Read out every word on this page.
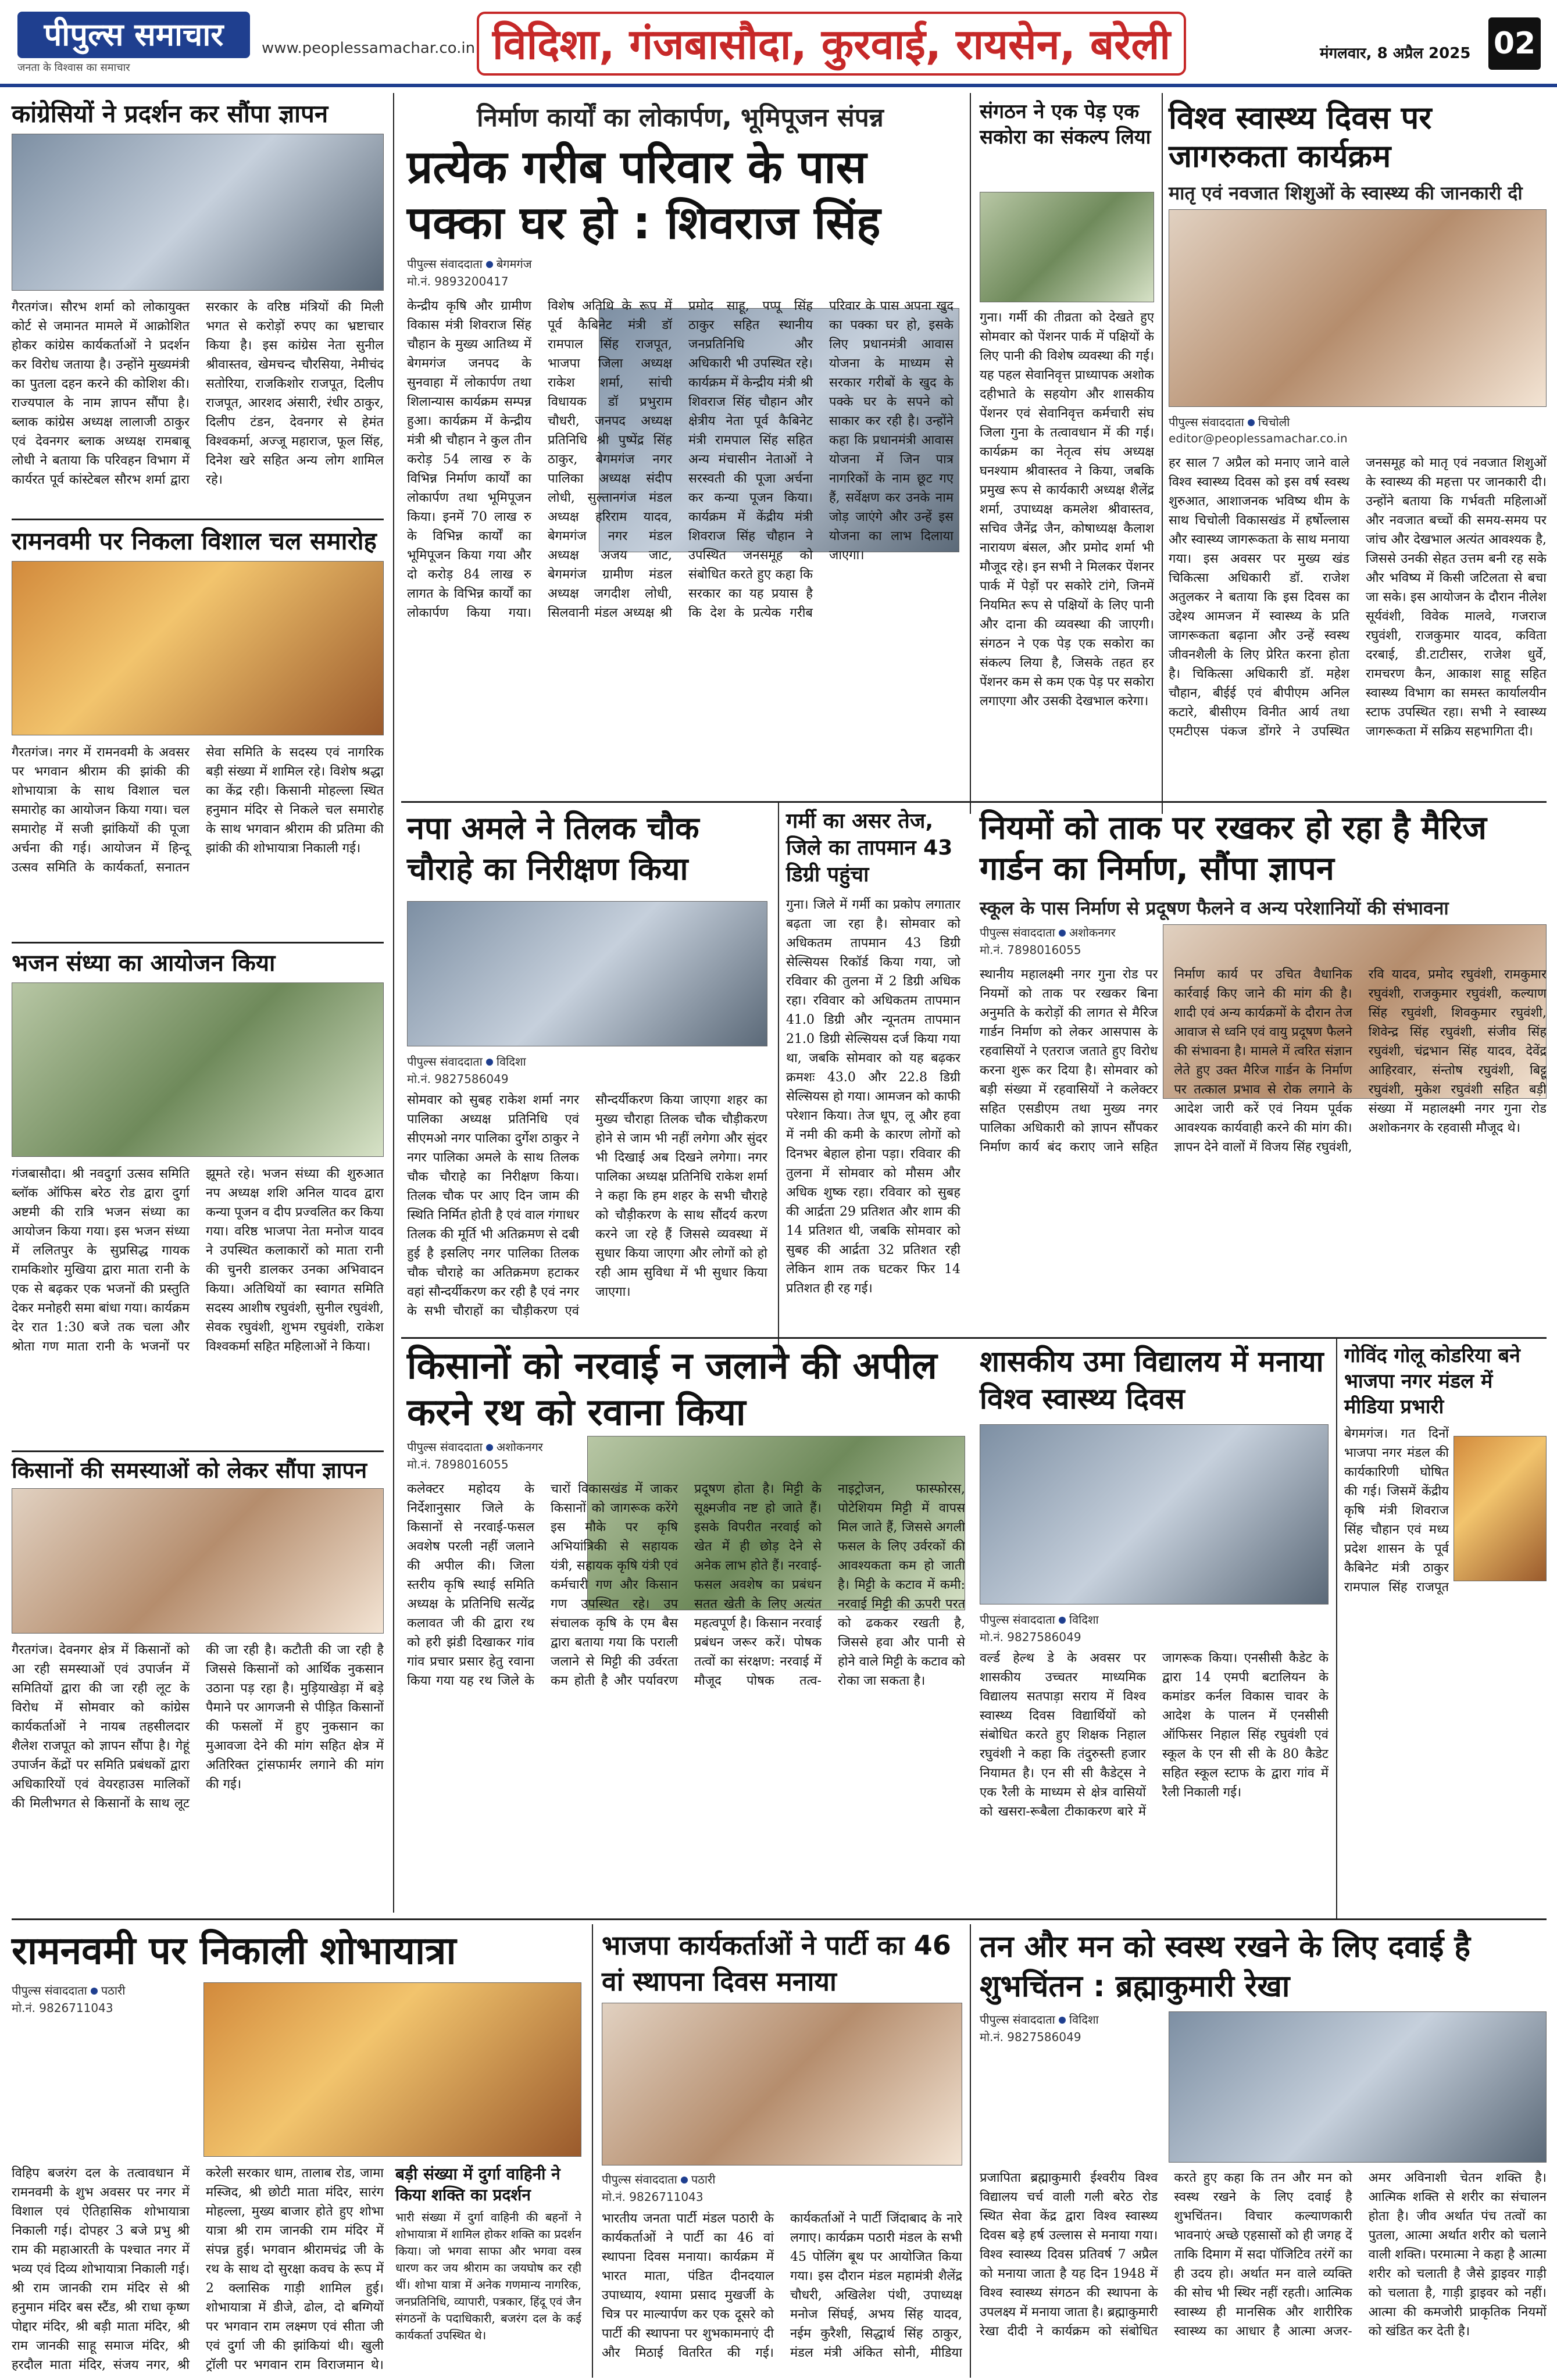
पीपुल्स समाचार
जनता के विश्वास का समाचार
www.peoplessamachar.co.in विदिशा, गंजबासौदा, कुरवाई, रायसेन, बरेली	मंगलवार, 8 अप्रैल 2025 02
कांग्रेसियों ने प्रदर्शन कर सौंपा ज्ञापन
गैरतगंज। सौरभ शर्मा को लोकायुक्त कोर्ट से जमानत मामले में आक्रोशित होकर कांग्रेस कार्यकर्ताओं ने प्रदर्शन कर विरोध जताया है। उन्होंने मुख्यमंत्री का पुतला दहन करने की कोशिश की। राज्यपाल के नाम ज्ञापन सौंपा है। ब्लाक कांग्रेस अध्यक्ष लालाजी ठाकुर एवं देवनगर ब्लाक अध्यक्ष रामबाबू लोधी ने बताया कि परिवहन विभाग में कार्यरत पूर्व कांस्टेबल सौरभ शर्मा द्वारा सरकार के वरिष्ठ मंत्रियों की मिली भगत से करोड़ों रुपए का भ्रष्टाचार किया है। इस कांग्रेस नेता सुनील श्रीवास्तव, खेमचन्द चौरसिया, नेमीचंद सतोरिया, राजकिशोर राजपूत, दिलीप राजपूत, आरशद अंसारी, रंधीर ठाकुर, दिलीप टंडन, देवनगर से हेमंत विश्वकर्मा, अज्जू महाराज, फूल सिंह, दिनेश खरे सहित अन्य लोग शामिल रहे।
रामनवमी पर निकला विशाल चल समारोह
गैरतगंज। नगर में रामनवमी के अवसर पर भगवान श्रीराम की झांकी की शोभायात्रा के साथ विशाल चल समारोह का आयोजन किया गया। चल समारोह में सजी झांकियों की पूजा अर्चना की गई। आयोजन में हिन्दू उत्सव समिति के कार्यकर्ता, सनातन सेवा समिति के सदस्य एवं नागरिक बड़ी संख्या में शामिल रहे। विशेष श्रद्धा का केंद्र रही। किसानी मोहल्ला स्थित हनुमान मंदिर से निकले चल समारोह के साथ भगवान श्रीराम की प्रतिमा की झांकी की शोभायात्रा निकाली गई।
भजन संध्या का आयोजन किया
गंजबासौदा। श्री नवदुर्गा उत्सव समिति ब्लॉक ऑफिस बरेठ रोड द्वारा दुर्गा अष्टमी की रात्रि भजन संध्या का आयोजन किया गया। इस भजन संध्या में ललितपुर के सुप्रसिद्ध गायक रामकिशोर मुखिया द्वारा माता रानी के एक से बढ़कर एक भजनों की प्रस्तुति देकर मनोहरी समा बांधा गया। कार्यक्रम देर रात 1:30 बजे तक चला और श्रोता गण माता रानी के भजनों पर झूमते रहे। भजन संध्या की शुरुआत नप अध्यक्ष शशि अनिल यादव द्वारा कन्या पूजन व दीप प्रज्वलित कर किया गया। वरिष्ठ भाजपा नेता मनोज यादव ने उपस्थित कलाकारों को माता रानी की चुनरी डालकर उनका अभिवादन किया। अतिथियों का स्वागत समिति सदस्य आशीष रघुवंशी, सुनील रघुवंशी, सेवक रघुवंशी, शुभम रघुवंशी, राकेश विश्वकर्मा सहित महिलाओं ने किया।
किसानों की समस्याओं को लेकर सौंपा ज्ञापन
गैरतगंज। देवनगर क्षेत्र में किसानों को आ रही समस्याओं एवं उपार्जन में समितियों द्वारा की जा रही लूट के विरोध में सोमवार को कांग्रेस कार्यकर्ताओं ने नायब तहसीलदार शैलेश राजपूत को ज्ञापन सौंपा है। गेहूं उपार्जन केंद्रों पर समिति प्रबंधकों द्वारा अधिकारियों एवं वेयरहाउस मालिकों की मिलीभगत से किसानों के साथ लूट की जा रही है। कटौती की जा रही है जिससे किसानों को आर्थिक नुकसान उठाना पड़ रहा है। मुड़ियाखेड़ा में बड़े पैमाने पर आगजनी से पीड़ित किसानों की फसलों में हुए नुकसान का मुआवजा देने की मांग सहित क्षेत्र में अतिरिक्त ट्रांसफार्मर लगाने की मांग की गई।
निर्माण कार्यों का लोकार्पण, भूमिपूजन संपन्न
प्रत्येक गरीब परिवार के पास पक्का घर हो : शिवराज सिंह
पीपुल्स संवाददाता बेगमगंज
मो.नं. 9893200417
केन्द्रीय कृषि और ग्रामीण विकास मंत्री शिवराज सिंह चौहान के मुख्य आतिथ्य में बेगमगंज जनपद के सुनवाहा में लोकार्पण तथा शिलान्यास कार्यक्रम सम्पन्न हुआ। कार्यक्रम में केन्द्रीय मंत्री श्री चौहान ने कुल तीन करोड़ 54 लाख रु के विभिन्न निर्माण कार्यों का लोकार्पण तथा भूमिपूजन किया। इनमें 70 लाख रु के विभिन्न कार्यों का भूमिपूजन किया गया और दो करोड़ 84 लाख रु लागत के विभिन्न कार्यों का लोकार्पण किया गया। विशेष अतिथि के रूप में पूर्व कैबिनेट मंत्री डॉ रामपाल सिंह राजपूत, भाजपा जिला अध्यक्ष राकेश शर्मा, सांची विधायक डॉ प्रभुराम चौधरी, जनपद अध्यक्ष प्रतिनिधि श्री पुष्पेंद्र सिंह ठाकुर, बेगमगंज नगर पालिका अध्यक्ष संदीप लोधी, सुल्तानगंज मंडल अध्यक्ष हरिराम यादव, बेगमगंज नगर मंडल अध्यक्ष अजय जाट, बेगमगंज ग्रामीण मंडल अध्यक्ष जगदीश लोधी, सिलवानी मंडल अध्यक्ष श्री प्रमोद साहू, पप्पू सिंह ठाकुर सहित स्थानीय जनप्रतिनिधि और अधिकारी भी उपस्थित रहे। कार्यक्रम में केन्द्रीय मंत्री श्री शिवराज सिंह चौहान और क्षेत्रीय नेता पूर्व कैबिनेट मंत्री रामपाल सिंह सहित अन्य मंचासीन नेताओं ने सरस्वती की पूजा अर्चना कर कन्या पूजन किया। कार्यक्रम में केंद्रीय मंत्री शिवराज सिंह चौहान ने उपस्थित जनसमूह को संबोधित करते हुए कहा कि सरकार का यह प्रयास है कि देश के प्रत्येक गरीब परिवार के पास अपना खुद का पक्का घर हो, इसके लिए प्रधानमंत्री आवास योजना के माध्यम से सरकार गरीबों के खुद के पक्के घर के सपने को साकार कर रही है। उन्होंने कहा कि प्रधानमंत्री आवास योजना में जिन पात्र नागरिकों के नाम छूट गए हैं, सर्वेक्षण कर उनके नाम जोड़ जाएंगे और उन्हें इस योजना का लाभ दिलाया जाएगा।
संगठन ने एक पेड़ एक सकोरा का संकल्प लिया
गुना। गर्मी की तीव्रता को देखते हुए सोमवार को पेंशनर पार्क में पक्षियों के लिए पानी की विशेष व्यवस्था की गई। यह पहल सेवानिवृत्त प्राध्यापक अशोक दहीभाते के सहयोग और शासकीय पेंशनर एवं सेवानिवृत्त कर्मचारी संघ जिला गुना के तत्वावधान में की गई। कार्यक्रम का नेतृत्व संघ अध्यक्ष घनश्याम श्रीवास्तव ने किया, जबकि प्रमुख रूप से कार्यकारी अध्यक्ष शैलेंद्र शर्मा, उपाध्यक्ष कमलेश श्रीवास्तव, सचिव जैनेंद्र जैन, कोषाध्यक्ष कैलाश नारायण बंसल, और प्रमोद शर्मा भी मौजूद रहे। इन सभी ने मिलकर पेंशनर पार्क में पेड़ों पर सकोरे टांगे, जिनमें नियमित रूप से पक्षियों के लिए पानी और दाना की व्यवस्था की जाएगी। संगठन ने एक पेड़ एक सकोरा का संकल्प लिया है, जिसके तहत हर पेंशनर कम से कम एक पेड़ पर सकोरा लगाएगा और उसकी देखभाल करेगा।
विश्व स्वास्थ्य दिवस पर जागरुकता कार्यक्रम
मातृ एवं नवजात शिशुओं के स्वास्थ्य की जानकारी दी
पीपुल्स संवाददाता चिचोली
editor@peoplessamachar.co.in
हर साल 7 अप्रैल को मनाए जाने वाले विश्व स्वास्थ्य दिवस को इस वर्ष स्वस्थ शुरुआत, आशाजनक भविष्य थीम के साथ चिचोली विकासखंड में हर्षोल्लास और स्वास्थ्य जागरूकता के साथ मनाया गया। इस अवसर पर मुख्य खंड चिकित्सा अधिकारी डॉ. राजेश अतुलकर ने बताया कि इस दिवस का उद्देश्य आमजन में स्वास्थ्य के प्रति जागरूकता बढ़ाना और उन्हें स्वस्थ जीवनशैली के लिए प्रेरित करना होता है। चिकित्सा अधिकारी डॉ. महेश चौहान, बीईई एवं बीपीएम अनिल कटारे, बीसीएम विनीत आर्य तथा एमटीएस पंकज डोंगरे ने उपस्थित जनसमूह को मातृ एवं नवजात शिशुओं के स्वास्थ्य की महत्ता पर जानकारी दी। उन्होंने बताया कि गर्भवती महिलाओं और नवजात बच्चों की समय-समय पर जांच और देखभाल अत्यंत आवश्यक है, जिससे उनकी सेहत उत्तम बनी रह सके और भविष्य में किसी जटिलता से बचा जा सके। इस आयोजन के दौरान नीलेश सूर्यवंशी, विवेक मालवे, गजराज रघुवंशी, राजकुमार यादव, कविता दरबाई, डी.टाटीसर, राजेश धुर्वे, रामचरण कैन, आकाश साहू सहित स्वास्थ्य विभाग का समस्त कार्यालयीन स्टाफ उपस्थित रहा। सभी ने स्वास्थ्य जागरूकता में सक्रिय सहभागिता दी।
नपा अमले ने तिलक चौक चौराहे का निरीक्षण किया
पीपुल्स संवाददाता विदिशा
मो.नं. 9827586049
सोमवार को सुबह राकेश शर्मा नगर पालिका अध्यक्ष प्रतिनिधि एवं सीएमओ नगर पालिका दुर्गेश ठाकुर ने नगर पालिका अमले के साथ तिलक चौक चौराहे का निरीक्षण किया। तिलक चौक पर आए दिन जाम की स्थिति निर्मित होती है एवं वाल गंगाधर तिलक की मूर्ति भी अतिक्रमण से दबी हुई है इसलिए नगर पालिका तिलक चौक चौराहे का अतिक्रमण हटाकर वहां सौन्दर्यीकरण कर रही है एवं नगर के सभी चौराहों का चौड़ीकरण एवं सौन्दर्यीकरण किया जाएगा शहर का मुख्य चौराहा तिलक चौक चौड़ीकरण होने से जाम भी नहीं लगेगा और सुंदर भी दिखाई अब दिखने लगेगा। नगर पालिका अध्यक्ष प्रतिनिधि राकेश शर्मा ने कहा कि हम शहर के सभी चौराहे को चौड़ीकरण के साथ सौंदर्य करण करने जा रहे हैं जिससे व्यवस्था में सुधार किया जाएगा और लोगों को हो रही आम सुविधा में भी सुधार किया जाएगा।
गर्मी का असर तेज, जिले का तापमान 43 डिग्री पहुंचा
गुना। जिले में गर्मी का प्रकोप लगातार बढ़ता जा रहा है। सोमवार को अधिकतम तापमान 43 डिग्री सेल्सियस रिकॉर्ड किया गया, जो रविवार की तुलना में 2 डिग्री अधिक रहा। रविवार को अधिकतम तापमान 41.0 डिग्री और न्यूनतम तापमान 21.0 डिग्री सेल्सियस दर्ज किया गया था, जबकि सोमवार को यह बढ़कर क्रमशः 43.0 और 22.8 डिग्री सेल्सियस हो गया। आमजन को काफी परेशान किया। तेज धूप, लू और हवा में नमी की कमी के कारण लोगों को दिनभर बेहाल होना पड़ा। रविवार की तुलना में सोमवार को मौसम और अधिक शुष्क रहा। रविवार को सुबह की आर्द्रता 29 प्रतिशत और शाम की 14 प्रतिशत थी, जबकि सोमवार को सुबह की आर्द्रता 32 प्रतिशत रही लेकिन शाम तक घटकर फिर 14 प्रतिशत ही रह गई।
नियमों को ताक पर रखकर हो रहा है मैरिज गार्डन का निर्माण, सौंपा ज्ञापन
स्कूल के पास निर्माण से प्रदूषण फैलने व अन्य परेशानियों की संभावना
पीपुल्स संवाददाता अशोकनगर
मो.नं. 7898016055
स्थानीय महालक्ष्मी नगर गुना रोड पर नियमों को ताक पर रखकर बिना अनुमति के करोड़ों की लागत से मैरिज गार्डन निर्माण को लेकर आसपास के रहवासियों ने एतराज जताते हुए विरोध करना शुरू कर दिया है। सोमवार को बड़ी संख्या में रहवासियों ने कलेक्टर सहित एसडीएम तथा मुख्य नगर पालिका अधिकारी को ज्ञापन सौंपकर निर्माण कार्य बंद कराए जाने सहित निर्माण कार्य पर उचित वैधानिक कार्रवाई किए जाने की मांग की है। शादी एवं अन्य कार्यक्रमों के दौरान तेज आवाज से ध्वनि एवं वायु प्रदूषण फैलने की संभावना है। मामले में त्वरित संज्ञान लेते हुए उक्त मैरिज गार्डन के निर्माण पर तत्काल प्रभाव से रोक लगाने के आदेश जारी करें एवं नियम पूर्वक आवश्यक कार्यवाही करने की मांग की। ज्ञापन देने वालों में विजय सिंह रघुवंशी, रवि यादव, प्रमोद रघुवंशी, रामकुमार रघुवंशी, राजकुमार रघुवंशी, कल्याण सिंह रघुवंशी, शिवकुमार रघुवंशी, शिवेन्द्र सिंह रघुवंशी, संजीव सिंह रघुवंशी, चंद्रभान सिंह यादव, देवेंद्र आहिरवार, संन्तोष रघुवंशी, बिट्टू रघुवंशी, मुकेश रघुवंशी सहित बड़ी संख्या में महालक्ष्मी नगर गुना रोड अशोकनगर के रहवासी मौजूद थे।
किसानों को नरवाई न जलाने की अपील करने रथ को रवाना किया
पीपुल्स संवाददाता अशोकनगर
मो.नं. 7898016055
कलेक्टर महोदय के निर्देशानुसार जिले के किसानों से नरवाई-फसल अवशेष परली नहीं जलाने की अपील की। जिला स्तरीय कृषि स्थाई समिति अध्यक्ष के प्रतिनिधि सत्येंद्र कलावत जी की द्वारा रथ को हरी झंडी दिखाकर गांव गांव प्रचार प्रसार हेतु रवाना किया गया यह रथ जिले के चारों विकासखंड में जाकर किसानों को जागरूक करेंगे इस मौके पर कृषि अभियांत्रिकी से सहायक यंत्री, सहायक कृषि यंत्री एवं कर्मचारी गण और किसान गण उपस्थित रहे। उप संचालक कृषि के एम बैस द्वारा बताया गया कि पराली जलाने से मिट्टी की उर्वरता कम होती है और पर्यावरण प्रदूषण होता है। मिट्टी के सूक्ष्मजीव नष्ट हो जाते हैं। इसके विपरीत नरवाई को खेत में ही छोड़ देने से अनेक लाभ होते हैं। नरवाई- फसल अवशेष का प्रबंधन सतत खेती के लिए अत्यंत महत्वपूर्ण है। किसान नरवाई प्रबंधन जरूर करें। पोषक तत्वों का संरक्षण: नरवाई में मौजूद पोषक तत्व- नाइट्रोजन, फास्फोरस, पोटेशियम मिट्टी में वापस मिल जाते हैं, जिससे अगली फसल के लिए उर्वरकों की आवश्यकता कम हो जाती है। मिट्टी के कटाव में कमी: नरवाई मिट्टी की ऊपरी परत को ढककर रखती है, जिससे हवा और पानी से होने वाले मिट्टी के कटाव को रोका जा सकता है।
शासकीय उमा विद्यालय में मनाया विश्व स्वास्थ्य दिवस
पीपुल्स संवाददाता विदिशा
मो.नं. 9827586049
वर्ल्ड हेल्थ डे के अवसर पर शासकीय उच्चतर माध्यमिक विद्यालय सतपाड़ा सराय में विश्व स्वास्थ्य दिवस विद्यार्थियों को संबोधित करते हुए शिक्षक निहाल रघुवंशी ने कहा कि तंदुरुस्ती हजार नियामत है। एन सी सी कैडेट्स ने एक रैली के माध्यम से क्षेत्र वासियों को खसरा-रूबैला टीकाकरण बारे में जागरूक किया। एनसीसी कैडेट के द्वारा 14 एमपी बटालियन के कमांडर कर्नल विकास चावर के आदेश के पालन में एनसीसी ऑफिसर निहाल सिंह रघुवंशी एवं स्कूल के एन सी सी के 80 कैडेट सहित स्कूल स्टाफ के द्वारा गांव में रैली निकाली गई।
गोविंद गोलू कोडरिया बने भाजपा नगर मंडल में मीडिया प्रभारी
बेगमगंज। गत दिनों भाजपा नगर मंडल की कार्यकारिणी घोषित की गई। जिसमें केंद्रीय कृषि मंत्री शिवराज सिंह चौहान एवं मध्य प्रदेश शासन के पूर्व कैबिनेट मंत्री ठाकुर रामपाल सिंह राजपूत
रामनवमी पर निकाली शोभायात्रा
पीपुल्स संवाददाता पठारी
मो.नं. 9826711043
विहिप बजरंग दल के तत्वावधान में रामनवमी के शुभ अवसर पर नगर में विशाल एवं ऐतिहासिक शोभायात्रा निकाली गई। दोपहर 3 बजे प्रभु श्री राम की महाआरती के पश्चात नगर में भव्य एवं दिव्य शोभायात्रा निकाली गई। श्री राम जानकी राम मंदिर से श्री हनुमान मंदिर बस स्टैंड, श्री राधा कृष्ण पोद्दार मंदिर, श्री बड़ी माता मंदिर, श्री राम जानकी साहू समाज मंदिर, श्री हरदौल माता मंदिर, संजय नगर, श्री करेली सरकार धाम, तालाब रोड, जामा मस्जिद, श्री छोटी माता मंदिर, सारंग मोहल्ला, मुख्य बाजार होते हुए शोभा यात्रा श्री राम जानकी राम मंदिर में संपन्न हुई। भगवान श्रीरामचंद्र जी के रथ के साथ दो सुरक्षा कवच के रूप में 2 क्लासिक गाड़ी शामिल हुई। शोभायात्रा में डीजे, ढोल, दो बग्गियों पर भगवान राम लक्ष्मण एवं सीता जी एवं दुर्गा जी की झांकियां थी। खुली ट्रॉली पर भगवान राम विराजमान थे।
बड़ी संख्या में दुर्गा वाहिनी ने किया शक्ति का प्रदर्शन
भारी संख्या में दुर्गा वाहिनी की बहनों ने शोभायात्रा में शामिल होकर शक्ति का प्रदर्शन किया। जो भगवा साफा और भगवा वस्त्र धारण कर जय श्रीराम का जयघोष कर रही थीं। शोभा यात्रा में अनेक गणमान्य नागरिक, जनप्रतिनिधि, व्यापारी, पत्रकार, हिंदू एवं जैन संगठनों के पदाधिकारी, बजरंग दल के कई कार्यकर्ता उपस्थित थे।
भाजपा कार्यकर्ताओं ने पार्टी का 46 वां स्थापना दिवस मनाया
पीपुल्स संवाददाता पठारी
मो.नं. 9826711043
भारतीय जनता पार्टी मंडल पठारी के कार्यकर्ताओं ने पार्टी का 46 वां स्थापना दिवस मनाया। कार्यक्रम में भारत माता, पंडित दीनदयाल उपाध्याय, श्यामा प्रसाद मुखर्जी के चित्र पर माल्यार्पण कर एक दूसरे को पार्टी की स्थापना पर शुभकामनाएं दी और मिठाई वितरित की गई। कार्यकर्ताओं ने पार्टी जिंदाबाद के नारे लगाए। कार्यक्रम पठारी मंडल के सभी 45 पोलिंग बूथ पर आयोजित किया गया। इस दौरान मंडल महामंत्री शैलेंद्र चौधरी, अखिलेश पंथी, उपाध्यक्ष मनोज सिंघई, अभय सिंह यादव, नईम कुरैशी, सिद्धार्थ सिंह ठाकुर, मंडल मंत्री अंकित सोनी, मीडिया
तन और मन को स्वस्थ रखने के लिए दवाई है शुभचिंतन : ब्रह्माकुमारी रेखा
पीपुल्स संवाददाता विदिशा
मो.नं. 9827586049
प्रजापिता ब्रह्माकुमारी ईश्वरीय विश्व विद्यालय चर्च वाली गली बरेठ रोड स्थित सेवा केंद्र द्वारा विश्व स्वास्थ्य दिवस बड़े हर्ष उल्लास से मनाया गया। विश्व स्वास्थ्य दिवस प्रतिवर्ष 7 अप्रैल को मनाया जाता है यह दिन 1948 में विश्व स्वास्थ्य संगठन की स्थापना के उपलक्ष्य में मनाया जाता है। ब्रह्माकुमारी रेखा दीदी ने कार्यक्रम को संबोधित करते हुए कहा कि तन और मन को स्वस्थ रखने के लिए दवाई है शुभचिंतन। विचार कल्याणकारी भावनाएं अच्छे एहसासों को ही जगह दें ताकि दिमाग में सदा पॉजिटिव तरंगें का ही उदय हो। अर्थात मन वाले व्यक्ति की सोच भी स्थिर नहीं रहती। आत्मिक स्वास्थ्य ही मानसिक और शारीरिक स्वास्थ्य का आधार है आत्मा अजर-अमर अविनाशी चेतन शक्ति है। आत्मिक शक्ति से शरीर का संचालन होता है। जीव अर्थात पंच तत्वों का पुतला, आत्मा अर्थात शरीर को चलाने वाली शक्ति। परमात्मा ने कहा है आत्मा शरीर को चलाती है जैसे ड्राइवर गाड़ी को चलाता है, गाड़ी ड्राइवर को नहीं। आत्मा की कमजोरी प्राकृतिक नियमों को खंडित कर देती है।
